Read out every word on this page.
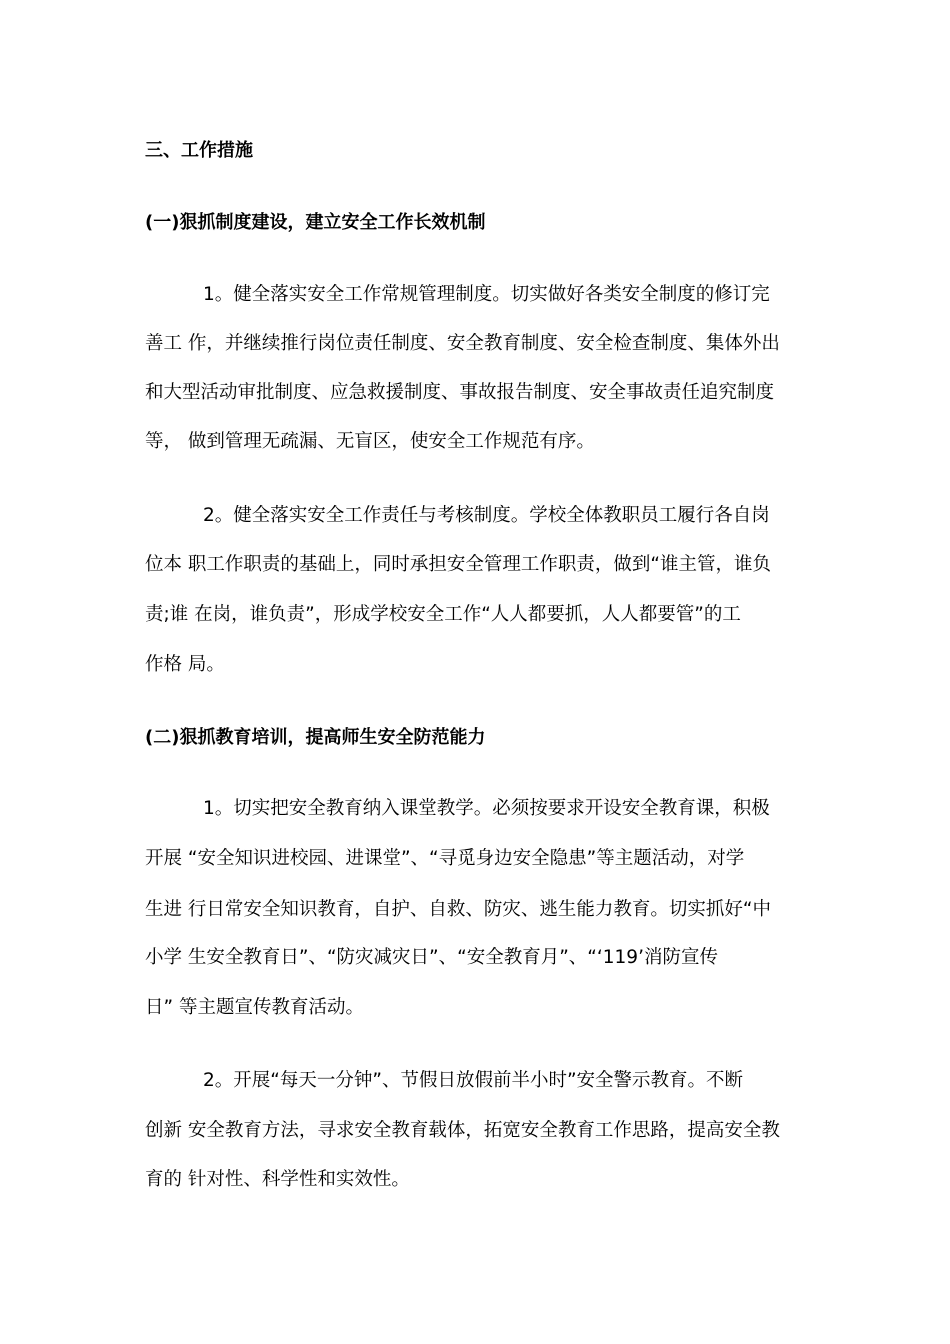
三、工作措施
(一)狠抓制度建设，建立安全工作长效机制
1。健全落实安全工作常规管理制度。切实做好各类安全制度的修订完
善工 作，并继续推行岗位责任制度、安全教育制度、安全检查制度、集体外出
和大型活动审批制度、应急救援制度、事故报告制度、安全事故责任追究制度
等， 做到管理无疏漏、无盲区，使安全工作规范有序。
2。健全落实安全工作责任与考核制度。学校全体教职员工履行各自岗
位本 职工作职责的基础上，同时承担安全管理工作职责，做到“谁主管，谁负
责;谁 在岗，谁负责”，形成学校安全工作“人人都要抓，人人都要管”的工
作格 局。
(二)狠抓教育培训，提高师生安全防范能力
1。切实把安全教育纳入课堂教学。必须按要求开设安全教育课，积极
开展 “安全知识进校园、进课堂”、“寻觅身边安全隐患”等主题活动，对学
生进 行日常安全知识教育，自护、自救、防灾、逃生能力教育。切实抓好“中
小学 生安全教育日”、“防灾减灾日”、“安全教育月”、“‘119’消防宣传
日” 等主题宣传教育活动。
2。开展“每天一分钟”、节假日放假前半小时”安全警示教育。不断
创新 安全教育方法，寻求安全教育载体，拓宽安全教育工作思路，提高安全教
育的 针对性、科学性和实效性。
